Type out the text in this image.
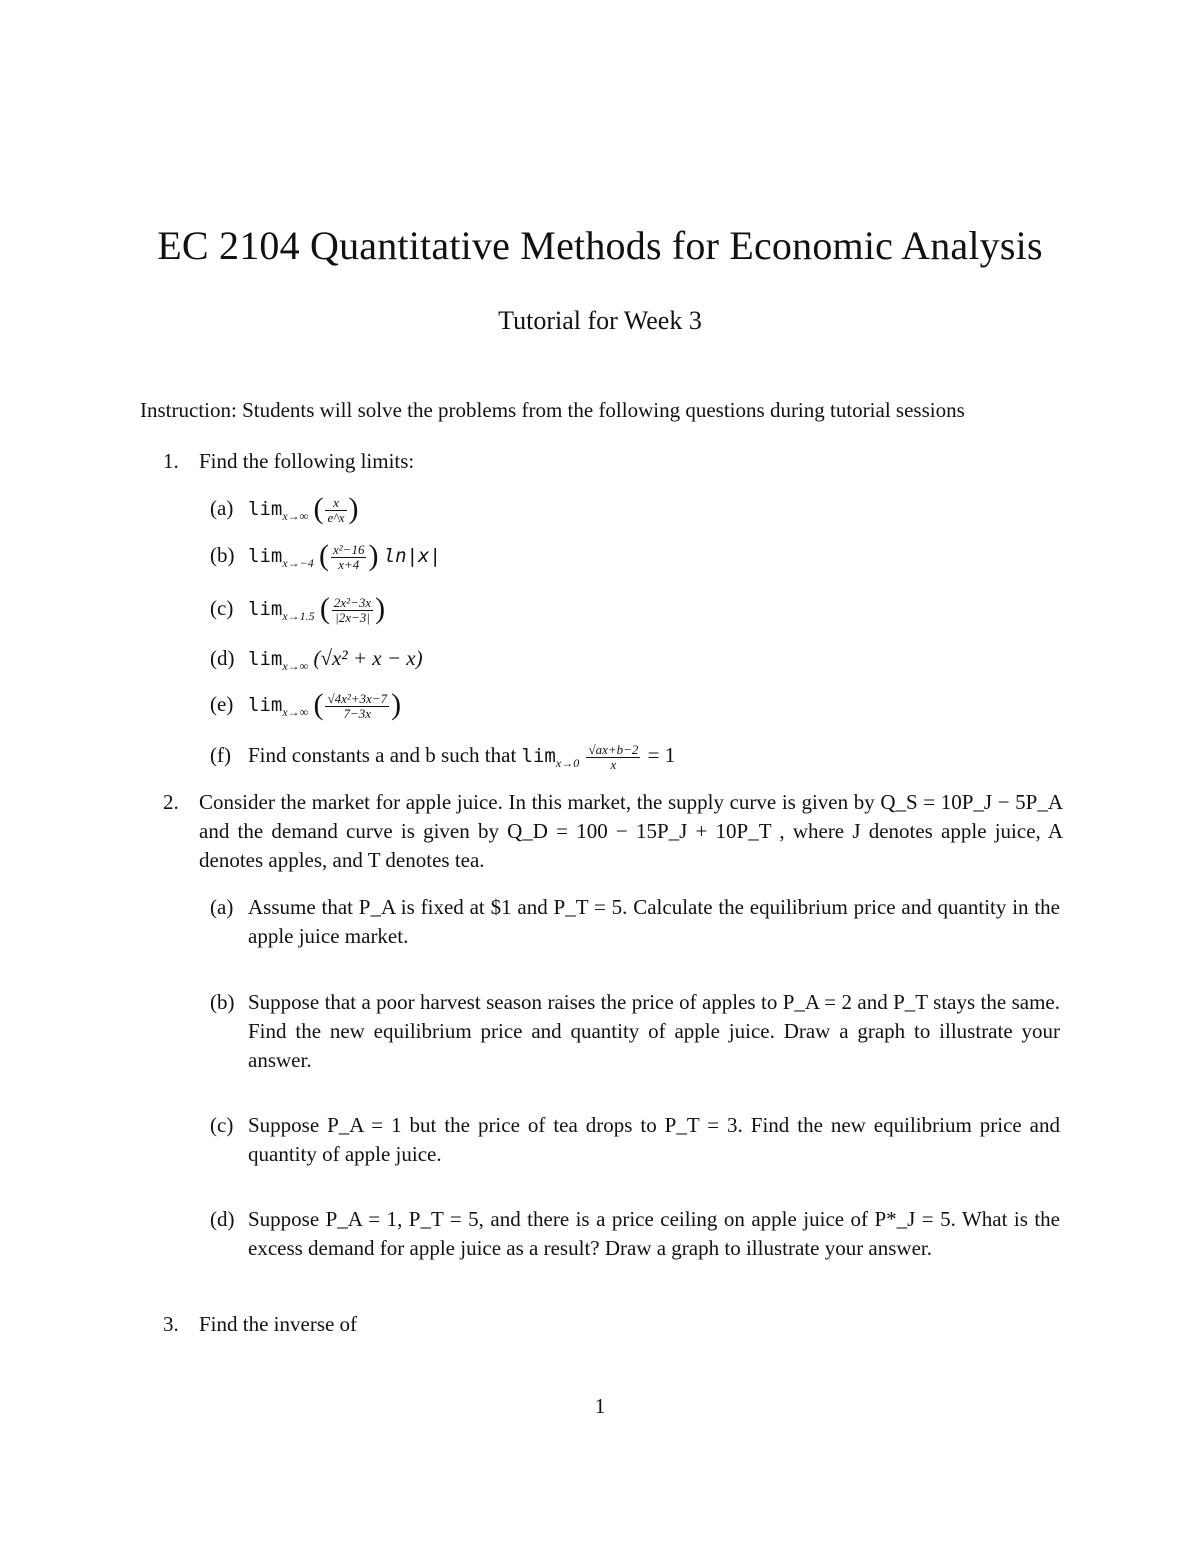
EC 2104 Quantitative Methods for Economic Analysis
Tutorial for Week 3
Instruction: Students will solve the problems from the following questions during tutorial sessions
1. Find the following limits:
(a) $\lim_{x\to\infty}$ ( $\frac{x}{e\^{}x}$ )
(b) $\lim_{x\to-4}$ ( $\frac{\text{x²−16}}{x+4}$ ) ln|x|
(c) $\lim_{x\to 1.5}$ ( $\frac{\text{2x²−3x}}{|2x-3|}$ )
(d) $\lim_{x\to\infty} (√x^2 + x - x)$
(e) $\lim_{x\to\infty}$ ( $\frac{\text{√4x²+3x−7}}{7-3x}$ )
(f) Find constants a and b such that $\lim_{x\to 0} \frac{√ax+b-2}{x} = 1$
2. Consider the market for apple juice. In this market, the supply curve is given by Q_S = 10P_J − 5P_A and the demand curve is given by Q_D = 100 − 15P_J + 10P_T , where J denotes apple juice, A denotes apples, and T denotes tea.
(a) Assume that P_A is fixed at $1 and P_T = 5. Calculate the equilibrium price and quantity in the apple juice market.
(b) Suppose that a poor harvest season raises the price of apples to P_A = 2 and P_T stays the same. Find the new equilibrium price and quantity of apple juice. Draw a graph to illustrate your answer.
(c) Suppose P_A = 1 but the price of tea drops to P_T = 3. Find the new equilibrium price and quantity of apple juice.
(d) Suppose P_A = 1, P_T = 5, and there is a price ceiling on apple juice of P*_J = 5. What is the excess demand for apple juice as a result? Draw a graph to illustrate your answer.
3. Find the inverse of
1
